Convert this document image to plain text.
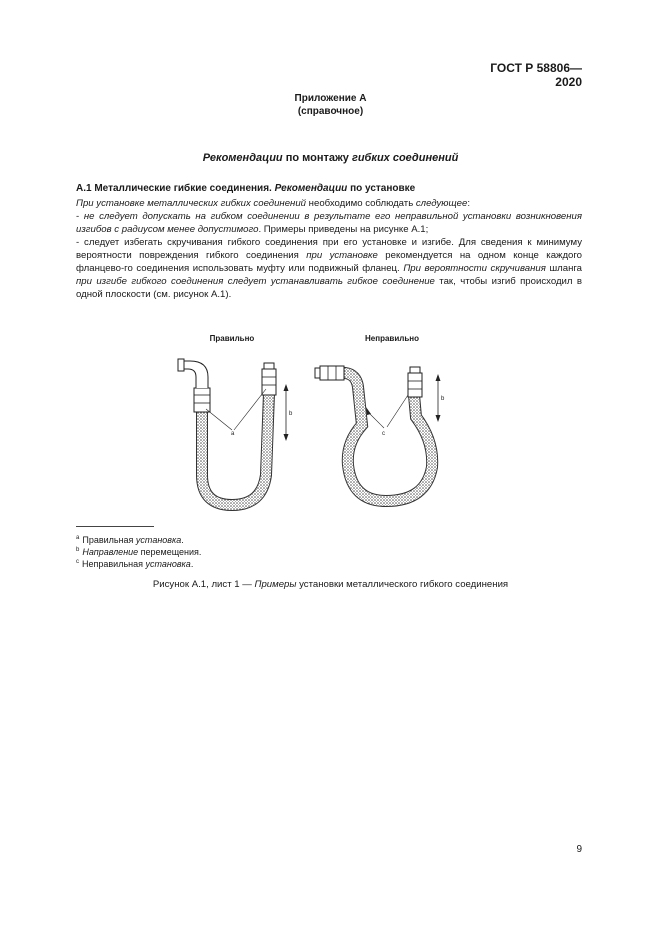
ГОСТ Р 58806—2020
Приложение А
(справочное)
Рекомендации по монтажу гибких соединений
А.1 Металлические гибкие соединения. Рекомендации по установке
При установке металлических гибких соединений необходимо соблюдать следующее:
- не следует допускать на гибком соединении в результате его неправильной установки возникновения изгибов с радиусом менее допустимого. Примеры приведены на рисунке А.1;
- следует избегать скручивания гибкого соединения при его установке и изгибе. Для сведения к минимуму вероятности повреждения гибкого соединения при установке рекомендуется на одном конце каждого фланцево-го соединения использовать муфту или подвижный фланец. При вероятности скручивания шланга при изгибе гибкого соединения следует устанавливать гибкое соединение так, чтобы изгиб происходил в одной плоскости (см. рисунок А.1).
Правильно	Неправильно
a
b
c
b
$^a$ Правильная установка.
$^b$ Направление перемещения.
$^c$ Неправильная установка.
Рисунок А.1, лист 1 — Примеры установки металлического гибкого соединения
9
